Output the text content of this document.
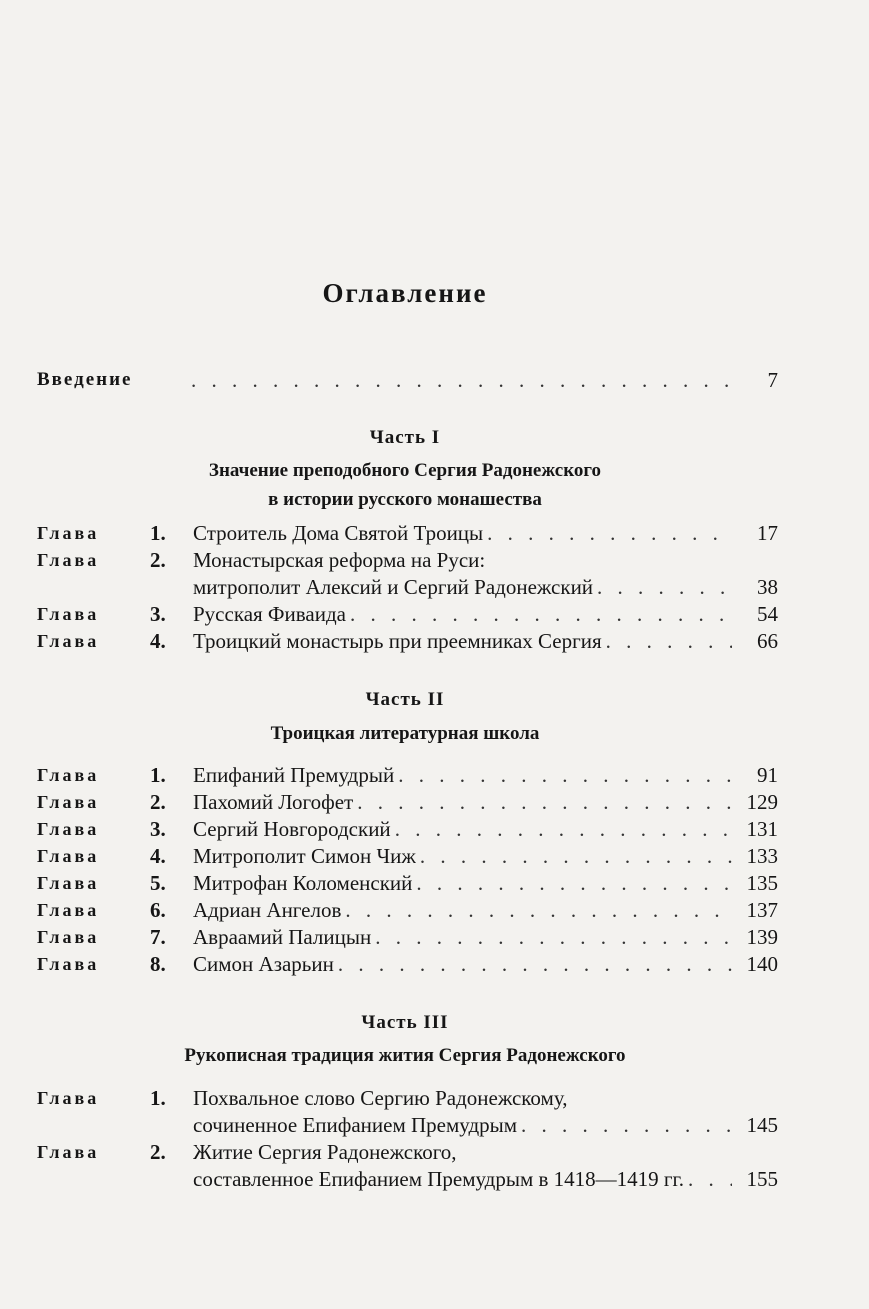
Оглавление
Введение . . .	7
Часть I
Значение преподобного Сергия Радонежского
в истории русского монашества
Глава 1. Строитель Дома Святой Троицы . . .	17
Глава 2. Монастырская реформа на Руси:
митрополит Алексий и Сергий Радонежский . . .	38
Глава 3. Русская Фиваида . . .	54
Глава 4. Троицкий монастырь при преемниках Сергия . . .	66
Часть II
Троицкая литературная школа
Глава 1. Епифаний Премудрый . . .	91
Глава 2. Пахомий Логофет . . .	129
Глава 3. Сергий Новгородский . . .	131
Глава 4. Митрополит Симон Чиж . . .	133
Глава 5. Митрофан Коломенский . . .	135
Глава 6. Адриан Ангелов . . .	137
Глава 7. Авраамий Палицын . . .	139
Глава 8. Симон Азарьин . . .	140
Часть III
Рукописная традиция жития Сергия Радонежского
Глава 1. Похвальное слово Сергию Радонежскому,
сочиненное Епифанием Премудрым . . .	145
Глава 2. Житие Сергия Радонежского,
составленное Епифанием Премудрым в 1418—1419 гг. . . .	155
